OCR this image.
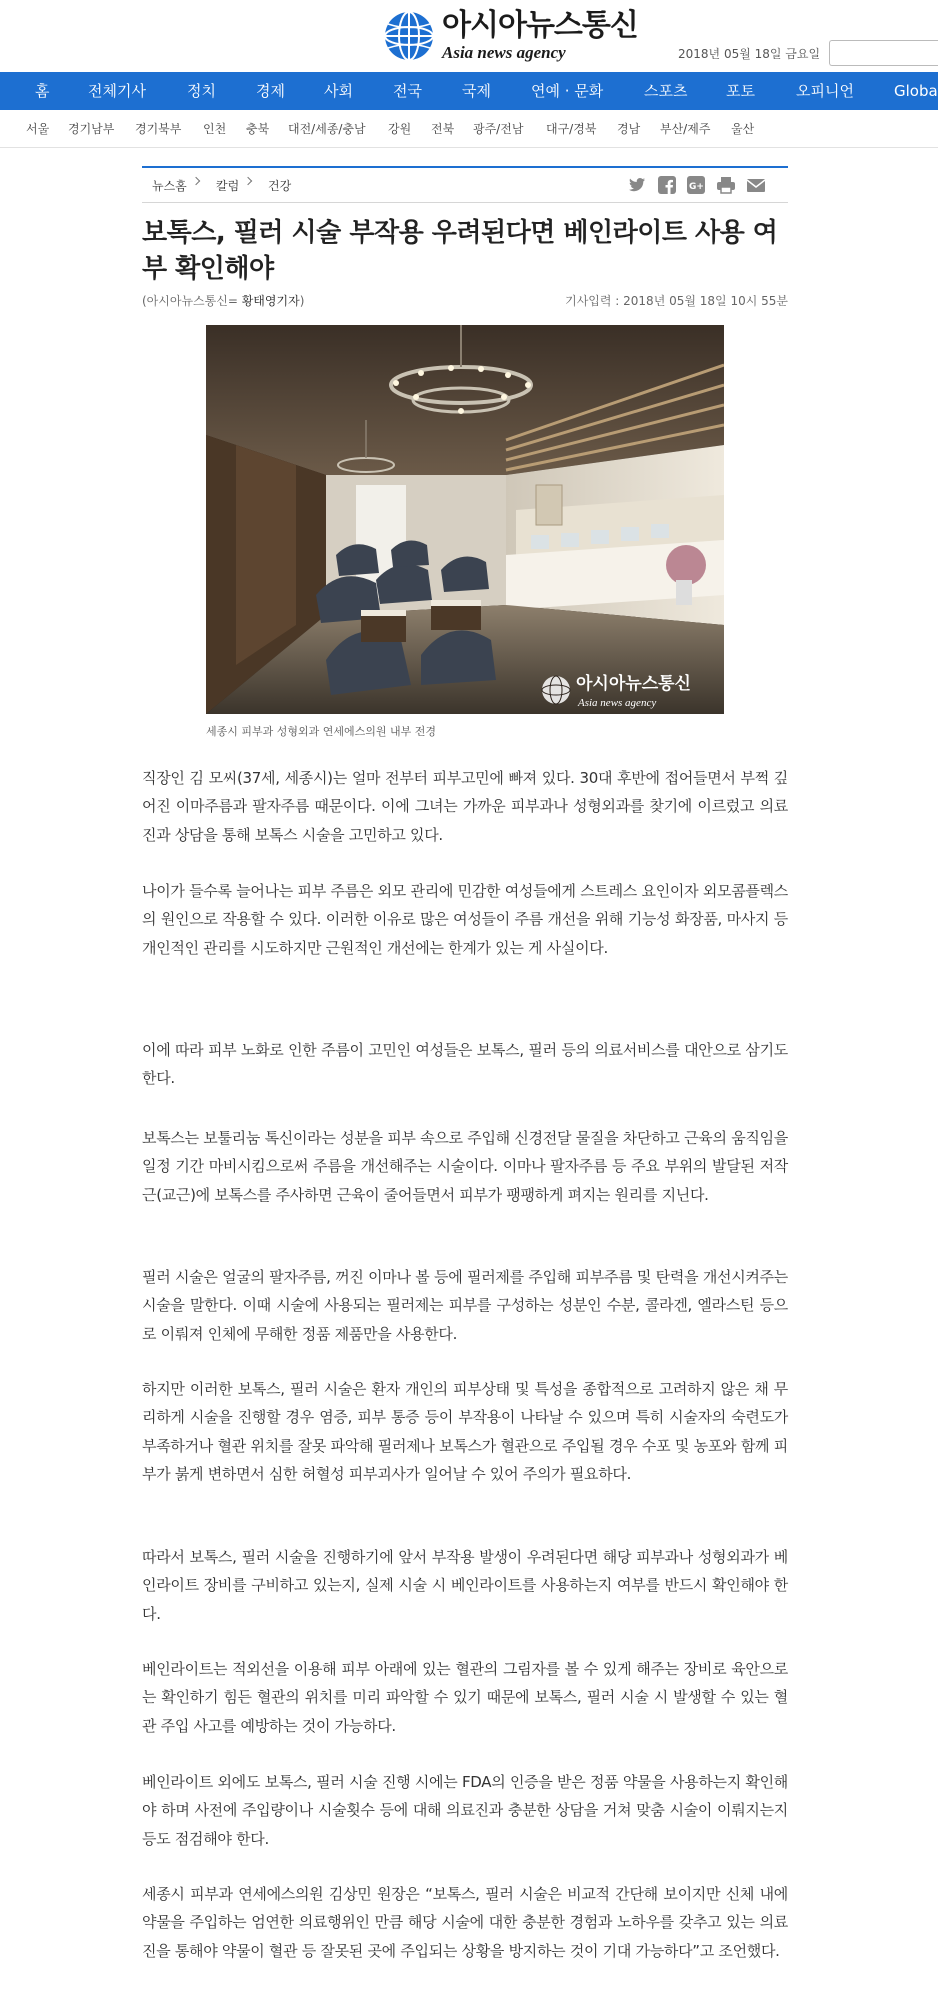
아시아뉴스통신
Asia news agency	2018년 05월 18일 금요일
홈	전체기사	정치	경제	사회	전국	국제	연예 · 문화	스포츠	포토	오피니언	Globa
서울 경기남부 경기북부 인천 충북 대전/세종/충남 강원 전북 광주/전남 대구/경북 경남 부산/제주 울산
뉴스홈 칼럼 건강	G+
보톡스, 필러 시술 부작용 우려된다면 베인라이트 사용 여부 확인해야
(아시아뉴스통신= 황태영기자)	기사입력 : 2018년 05월 18일 10시 55분
아시아뉴스통신
Asia news agency
세종시 피부과 성형외과 연세에스의원 내부 전경

직장인 김 모씨(37세, 세종시)는 얼마 전부터 피부고민에 빠져 있다. 30대 후반에 접어들면서 부쩍 깊어진 이마주름과 팔자주름 때문이다. 이에 그녀는 가까운 피부과나 성형외과를 찾기에 이르렀고 의료진과 상담을 통해 보톡스 시술을 고민하고 있다.

나이가 들수록 늘어나는 피부 주름은 외모 관리에 민감한 여성들에게 스트레스 요인이자 외모콤플렉스의 원인으로 작용할 수 있다. 이러한 이유로 많은 여성들이 주름 개선을 위해 기능성 화장품, 마사지 등 개인적인 관리를 시도하지만 근원적인 개선에는 한계가 있는 게 사실이다.

이에 따라 피부 노화로 인한 주름이 고민인 여성들은 보톡스, 필러 등의 의료서비스를 대안으로 삼기도 한다.

보톡스는 보툴리눔 톡신이라는 성분을 피부 속으로 주입해 신경전달 물질을 차단하고 근육의 움직임을 일정 기간 마비시킴으로써 주름을 개선해주는 시술이다. 이마나 팔자주름 등 주요 부위의 발달된 저작근(교근)에 보톡스를 주사하면 근육이 줄어들면서 피부가 팽팽하게 펴지는 원리를 지닌다.

필러 시술은 얼굴의 팔자주름, 꺼진 이마나 볼 등에 필러제를 주입해 피부주름 및 탄력을 개선시켜주는 시술을 말한다. 이때 시술에 사용되는 필러제는 피부를 구성하는 성분인 수분, 콜라겐, 엘라스틴 등으로 이뤄져 인체에 무해한 정품 제품만을 사용한다.

하지만 이러한 보톡스, 필러 시술은 환자 개인의 피부상태 및 특성을 종합적으로 고려하지 않은 채 무리하게 시술을 진행할 경우 염증, 피부 통증 등이 부작용이 나타날 수 있으며 특히 시술자의 숙련도가 부족하거나 혈관 위치를 잘못 파악해 필러제나 보톡스가 혈관으로 주입될 경우 수포 및 농포와 함께 피부가 붉게 변하면서 심한 허혈성 피부괴사가 일어날 수 있어 주의가 필요하다.

따라서 보톡스, 필러 시술을 진행하기에 앞서 부작용 발생이 우려된다면 해당 피부과나 성형외과가 베인라이트 장비를 구비하고 있는지, 실제 시술 시 베인라이트를 사용하는지 여부를 반드시 확인해야 한다.

베인라이트는 적외선을 이용해 피부 아래에 있는 혈관의 그림자를 볼 수 있게 해주는 장비로 육안으로는 확인하기 힘든 혈관의 위치를 미리 파악할 수 있기 때문에 보톡스, 필러 시술 시 발생할 수 있는 혈관 주입 사고를 예방하는 것이 가능하다.

베인라이트 외에도 보톡스, 필러 시술 진행 시에는 FDA의 인증을 받은 정품 약물을 사용하는지 확인해야 하며 사전에 주입량이나 시술횟수 등에 대해 의료진과 충분한 상담을 거쳐 맞춤 시술이 이뤄지는지 등도 점검해야 한다.

세종시 피부과 연세에스의원 김상민 원장은 “보톡스, 필러 시술은 비교적 간단해 보이지만 신체 내에 약물을 주입하는 엄연한 의료행위인 만큼 해당 시술에 대한 충분한 경험과 노하우를 갖추고 있는 의료진을 통해야 약물이 혈관 등 잘못된 곳에 주입되는 상황을 방지하는 것이 기대 가능하다”고 조언했다.
